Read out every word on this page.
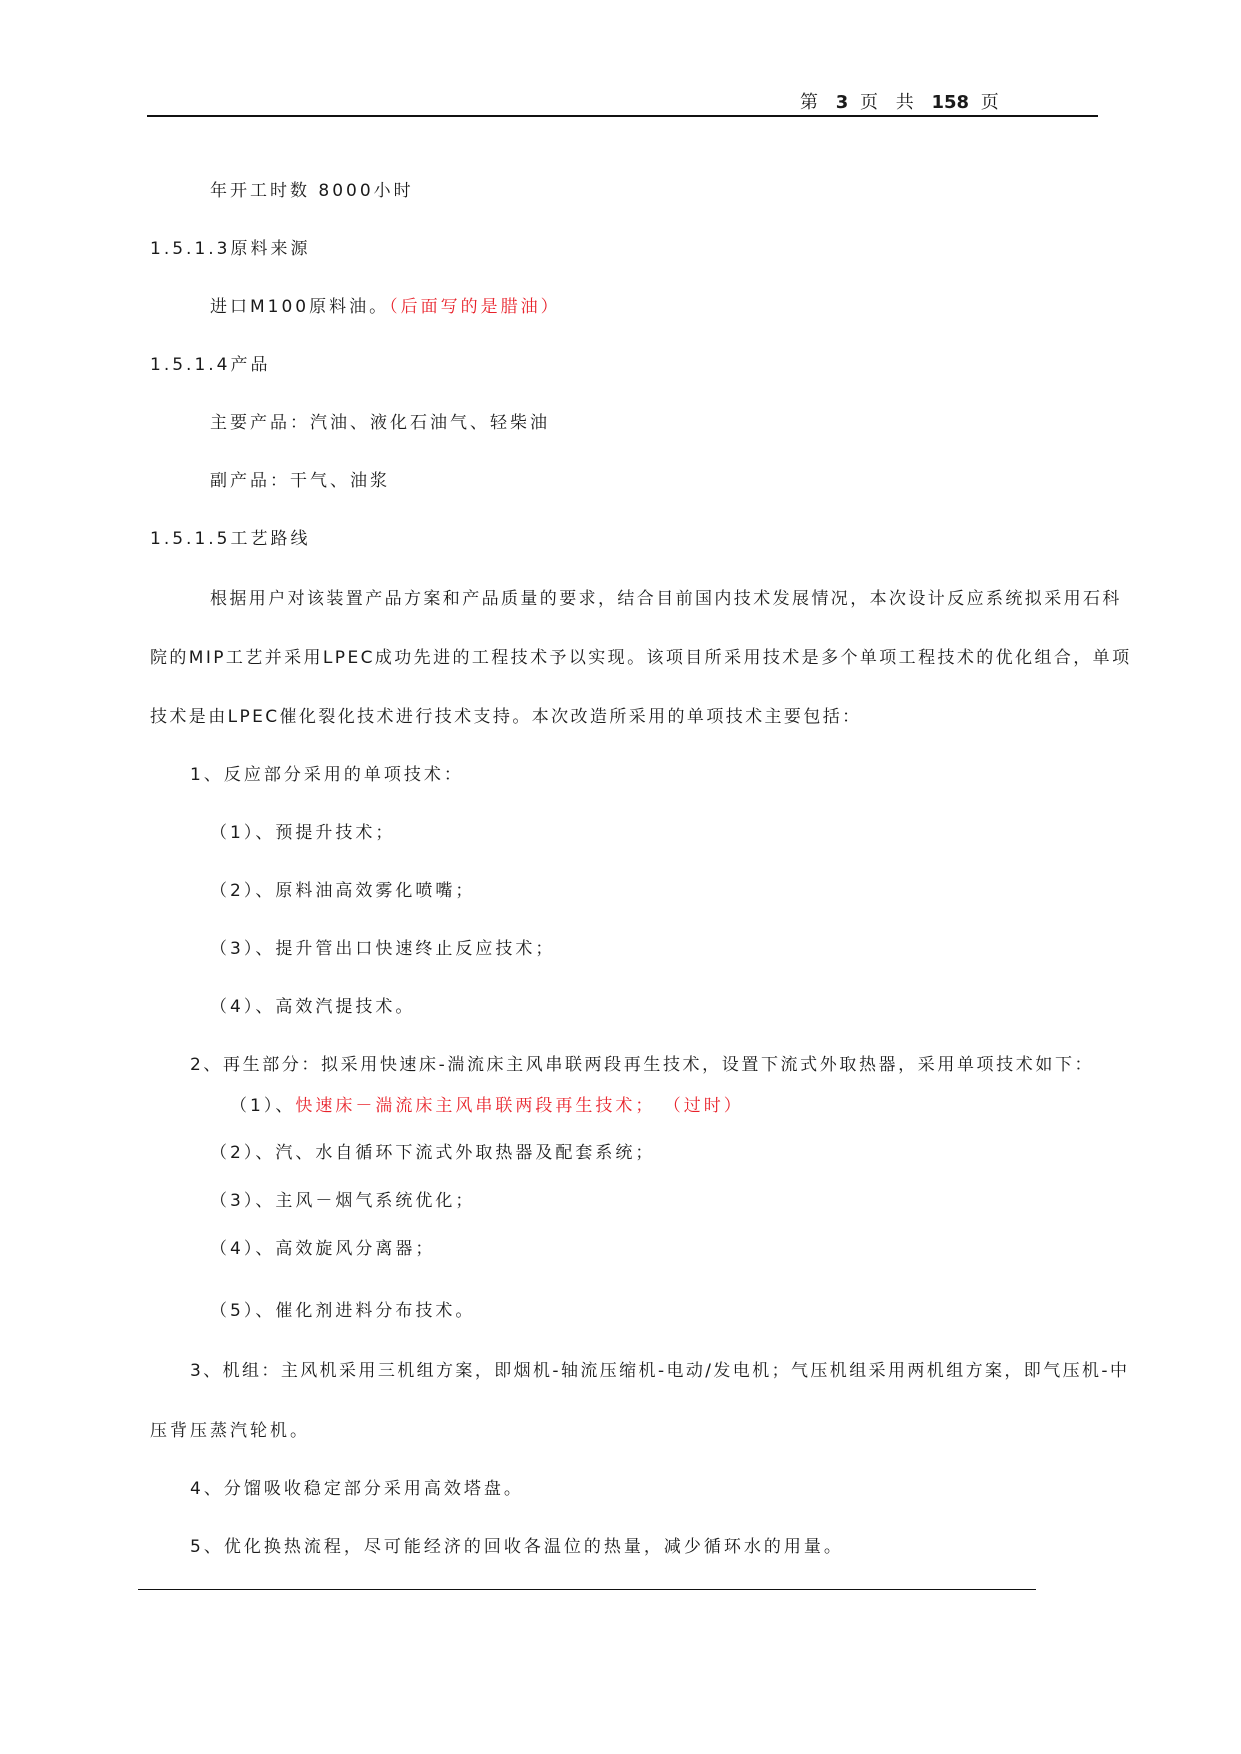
第 3 页 共 158 页
年开工时数 8000小时
1.5.1.3原料来源
进口M100原料油。（后面写的是腊油）
1.5.1.4产品
主要产品：汽油、液化石油气、轻柴油
副产品：干气、油浆
1.5.1.5工艺路线
根据用户对该装置产品方案和产品质量的要求，结合目前国内技术发展情况，本次设计反应系统拟采用石科
院的MIP工艺并采用LPEC成功先进的工程技术予以实现。该项目所采用技术是多个单项工程技术的优化组合，单项
技术是由LPEC催化裂化技术进行技术支持。本次改造所采用的单项技术主要包括：
1、反应部分采用的单项技术：
（1）、预提升技术；
（2）、原料油高效雾化喷嘴；
（3）、提升管出口快速终止反应技术；
（4）、高效汽提技术。
2、再生部分：拟采用快速床-湍流床主风串联两段再生技术，设置下流式外取热器，采用单项技术如下：
（1）、快速床－湍流床主风串联两段再生技术； （过时）
（2）、汽、水自循环下流式外取热器及配套系统；
（3）、主风－烟气系统优化；
（4）、高效旋风分离器；
（5）、催化剂进料分布技术。
3、机组：主风机采用三机组方案，即烟机-轴流压缩机-电动/发电机；气压机组采用两机组方案，即气压机-中
压背压蒸汽轮机。
4、分馏吸收稳定部分采用高效塔盘。
5、优化换热流程，尽可能经济的回收各温位的热量，减少循环水的用量。
